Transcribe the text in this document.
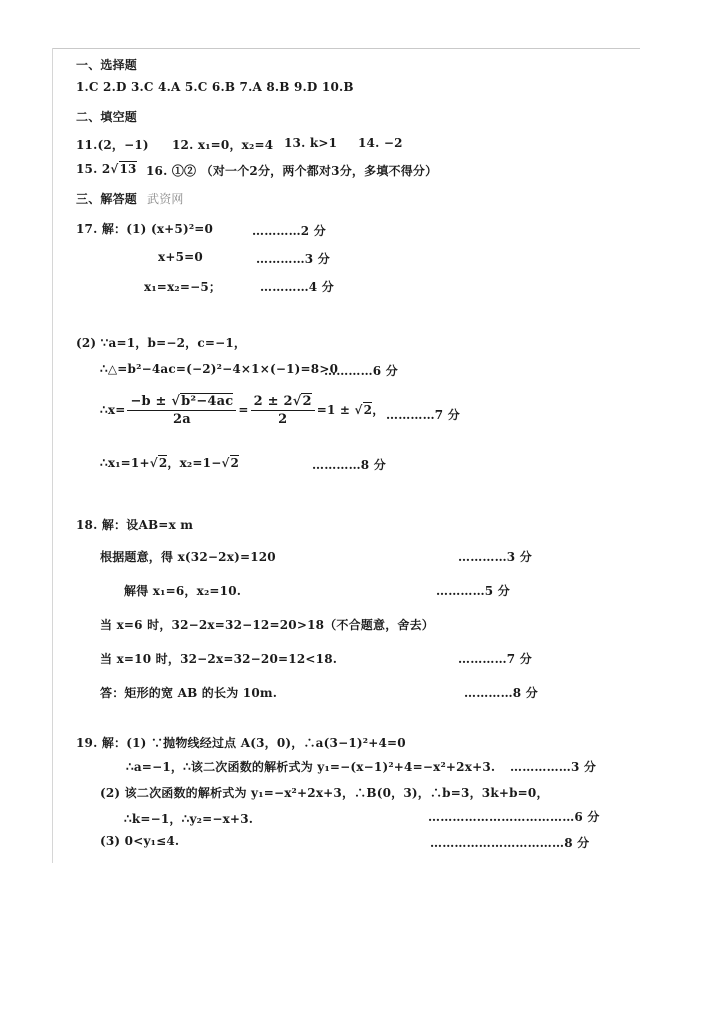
一、选择题
1.C 2.D 3.C 4.A 5.C 6.B 7.A 8.B 9.D 10.B
二、填空题
11.(2，−1) 12. x₁=0，x₂=4 13. k>1 14. −2
15. 2√13 16. ①② （对一个2分，两个都对3分，多填不得分）
三、解答题 武资网
17. 解：(1) (x+5)²=0	…………2 分
x+5=0	…………3 分
x₁=x₂=−5；	…………4 分
(2) ∵a=1，b=−2，c=−1，
∴△=b²−4ac=(−2)²−4×1×(−1)=8>0
…………6 分
∴x= $\frac{\text{−b ± √b²−4ac}}{2a} = \frac{2 \pm 2√2}{2} =1 \pm √2$， …………7 分
∴x₁=1+√2，x₂=1−√2	…………8 分
18. 解：设AB=x m
根据题意，得 x(32−2x)=120	…………3 分
解得 x₁=6，x₂=10.	…………5 分
当 x=6 时，32−2x=32−12=20>18（不合题意，舍去）
当 x=10 时，32−2x=32−20=12<18.	…………7 分
答：矩形的宽 AB 的长为 10m.	…………8 分
19. 解：(1) ∵抛物线经过点 A(3，0)，∴a(3−1)²+4=0
∴a=−1，∴该二次函数的解析式为 y₁=−(x−1)²+4=−x²+2x+3. ……………3 分
(2) 该二次函数的解析式为 y₁=−x²+2x+3，∴B(0，3)，∴b=3，3k+b=0，
∴k=−1，∴y₂=−x+3.	………………………………6 分
(3) 0<y₁≤4.	……………………………8 分
